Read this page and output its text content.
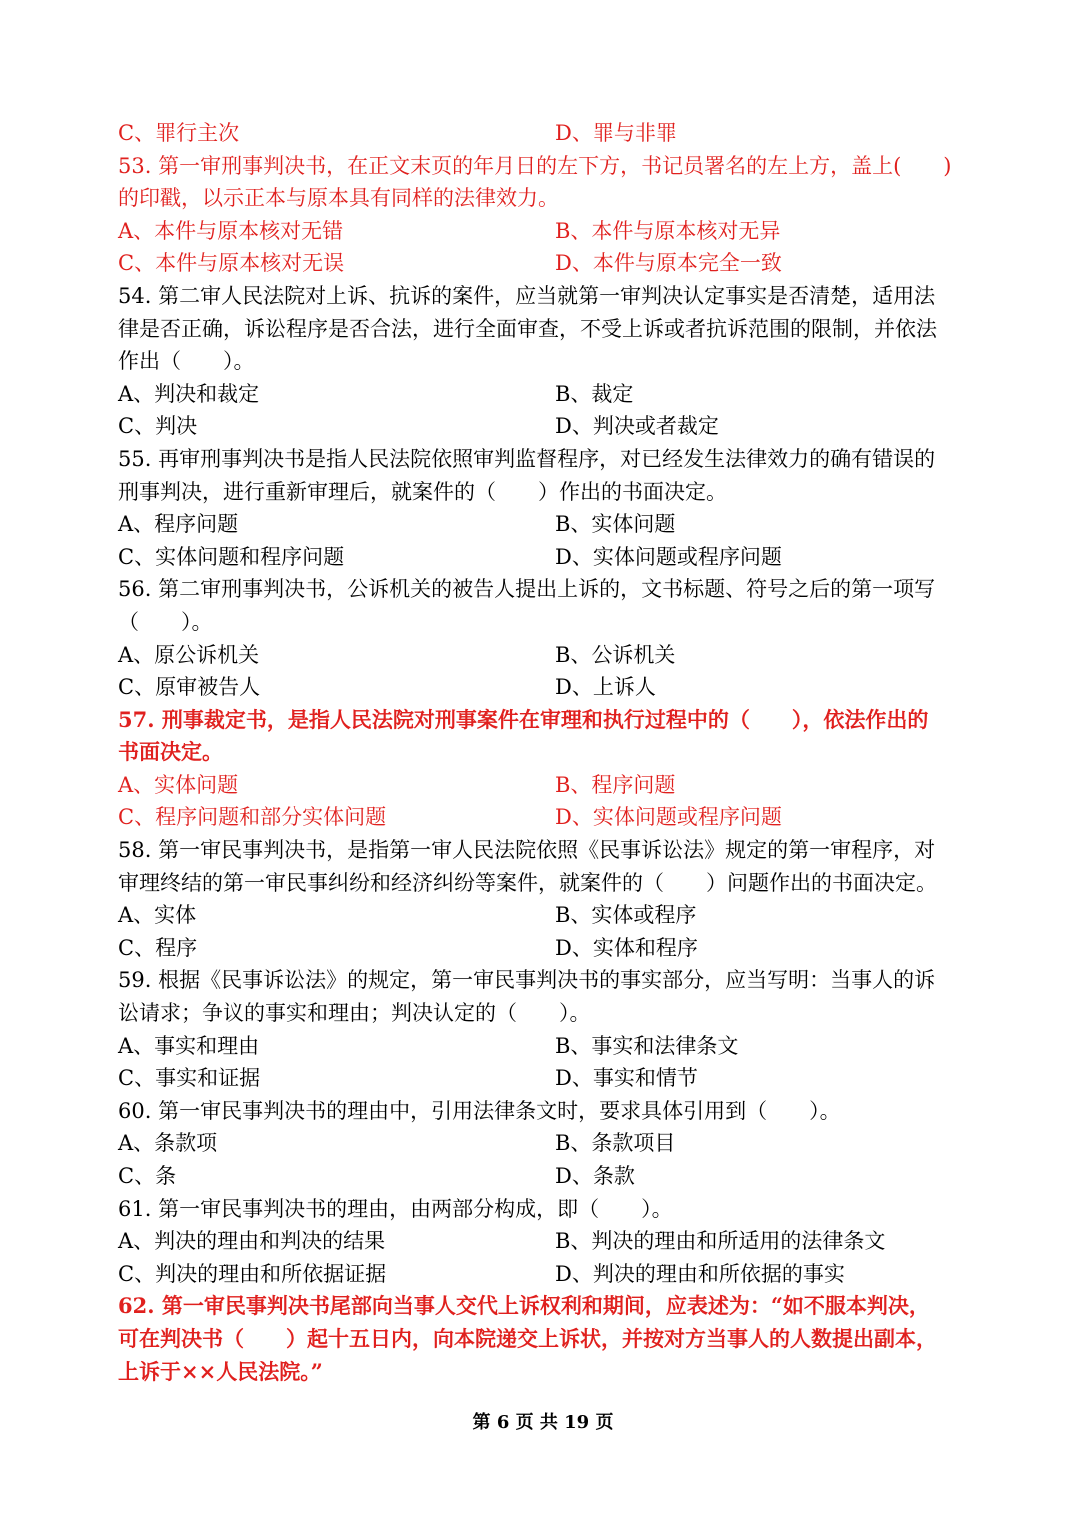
C、罪行主次	D、罪与非罪
53. 第一审刑事判决书，在正文末页的年月日的左下方，书记员署名的左上方，盖上(　　)
的印戳，以示正本与原本具有同样的法律效力。
A、本件与原本核对无错	B、本件与原本核对无异
C、本件与原本核对无误	D、本件与原本完全一致
54. 第二审人民法院对上诉、抗诉的案件，应当就第一审判决认定事实是否清楚，适用法
律是否正确，诉讼程序是否合法，进行全面审查，不受上诉或者抗诉范围的限制，并依法
作出（　　）。
A、判决和裁定	B、裁定
C、判决	D、判决或者裁定
55. 再审刑事判决书是指人民法院依照审判监督程序，对已经发生法律效力的确有错误的
刑事判决，进行重新审理后，就案件的（　　）作出的书面决定。
A、程序问题	B、实体问题
C、实体问题和程序问题	D、实体问题或程序问题
56. 第二审刑事判决书，公诉机关的被告人提出上诉的，文书标题、符号之后的第一项写
（　　）。
A、原公诉机关	B、公诉机关
C、原审被告人	D、上诉人
57. 刑事裁定书，是指人民法院对刑事案件在审理和执行过程中的（　　），依法作出的
书面决定。
A、实体问题	B、程序问题
C、程序问题和部分实体问题	D、实体问题或程序问题
58. 第一审民事判决书，是指第一审人民法院依照《民事诉讼法》规定的第一审程序，对
审理终结的第一审民事纠纷和经济纠纷等案件，就案件的（　　）问题作出的书面决定。
A、实体	B、实体或程序
C、程序	D、实体和程序
59. 根据《民事诉讼法》的规定，第一审民事判决书的事实部分，应当写明：当事人的诉
讼请求；争议的事实和理由；判决认定的（　　）。
A、事实和理由	B、事实和法律条文
C、事实和证据	D、事实和情节
60. 第一审民事判决书的理由中，引用法律条文时，要求具体引用到（　　）。
A、条款项	B、条款项目
C、条	D、条款
61. 第一审民事判决书的理由，由两部分构成，即（　　）。
A、判决的理由和判决的结果	B、判决的理由和所适用的法律条文
C、判决的理由和所依据证据	D、判决的理由和所依据的事实
62. 第一审民事判决书尾部向当事人交代上诉权利和期间，应表述为：“如不服本判决，
可在判决书（　　）起十五日内，向本院递交上诉状，并按对方当事人的人数提出副本，
上诉于××人民法院。”
第 6 页 共 19 页
